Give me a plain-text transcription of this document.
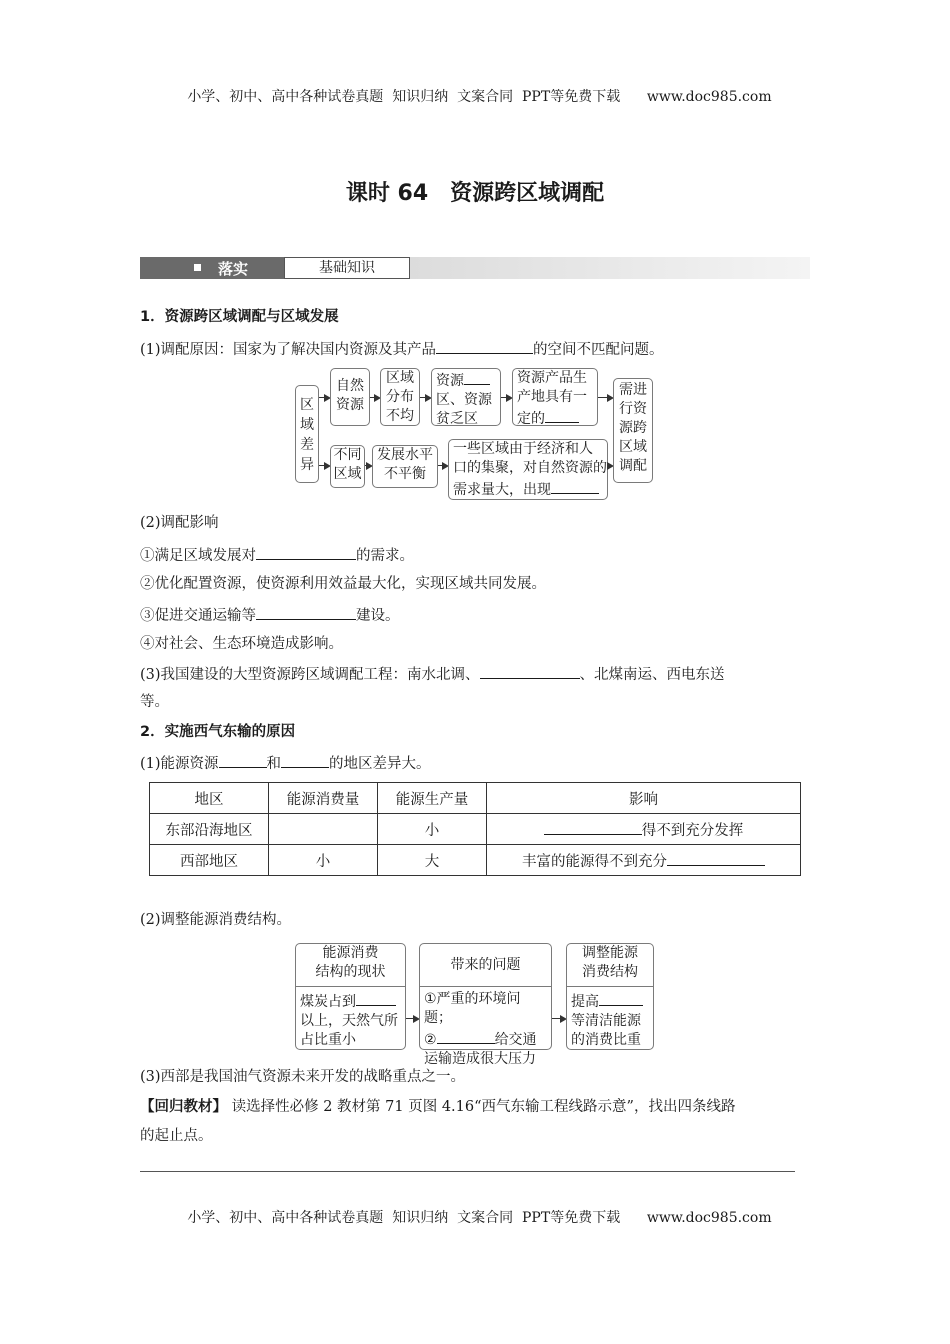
小学、初中、高中各种试卷真题  知识归纳  文案合同  PPT等免费下载 www.doc985.com

课时 64　资源跨区域调配
落实	基础知识
1．资源跨区域调配与区域发展
(1)调配原因：国家为了解决国内资源及其产品	的空间不匹配问题。
区域差异
自然资源
区域分布不均
资源
区、资源
贫乏区
资源产品生
产地具有一
定的
不同区域
发展水平不平衡
一些区域由于经济和人
口的集聚，对自然资源的
需求量大，出现
需进行资源跨区域调配
(2)调配影响
①满足区域发展对	的需求。
②优化配置资源，使资源利用效益最大化，实现区域共同发展。
③促进交通运输等	建设。
④对社会、生态环境造成影响。
(3)我国建设的大型资源跨区域调配工程：南水北调、	、北煤南运、西电东送
等。
2．实施西气东输的原因
(1)能源资源	和	的地区差异大。
地区	能源消费量	能源生产量	影响
东部沿海地区		小	得不到充分发挥
西部地区	小	大	丰富的能源得不到充分
(2)调整能源消费结构。
能源消费
结构的现状
煤炭占到
以上，天然气所
占比重小
带来的问题
①严重的环境问题；
②	给交通
运输造成很大压力
调整能源
消费结构
提高
等清洁能源
的消费比重
(3)西部是我国油气资源未来开发的战略重点之一。
【回归教材】 读选择性必修 2 教材第 71 页图 4.16“西气东输工程线路示意”，找出四条线路
的起止点。

小学、初中、高中各种试卷真题  知识归纳  文案合同  PPT等免费下载 www.doc985.com
